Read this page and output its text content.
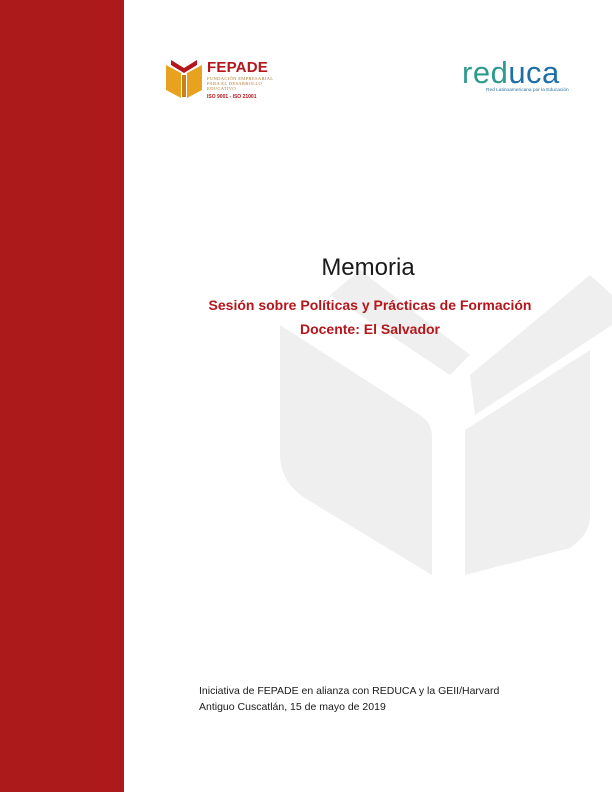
FEPADE
FUNDACIÓN EMPRESARIAL
PARA EL DESARROLLO
EDUCATIVO
ISO 9001 - ISO 21001
reduca
Red Latinoamericana por la Educación
Memoria
Sesión sobre Políticas y Prácticas de Formación
Docente: El Salvador
Iniciativa de FEPADE en alianza con REDUCA y la GEII/Harvard
Antiguo Cuscatlán, 15 de mayo de 2019
